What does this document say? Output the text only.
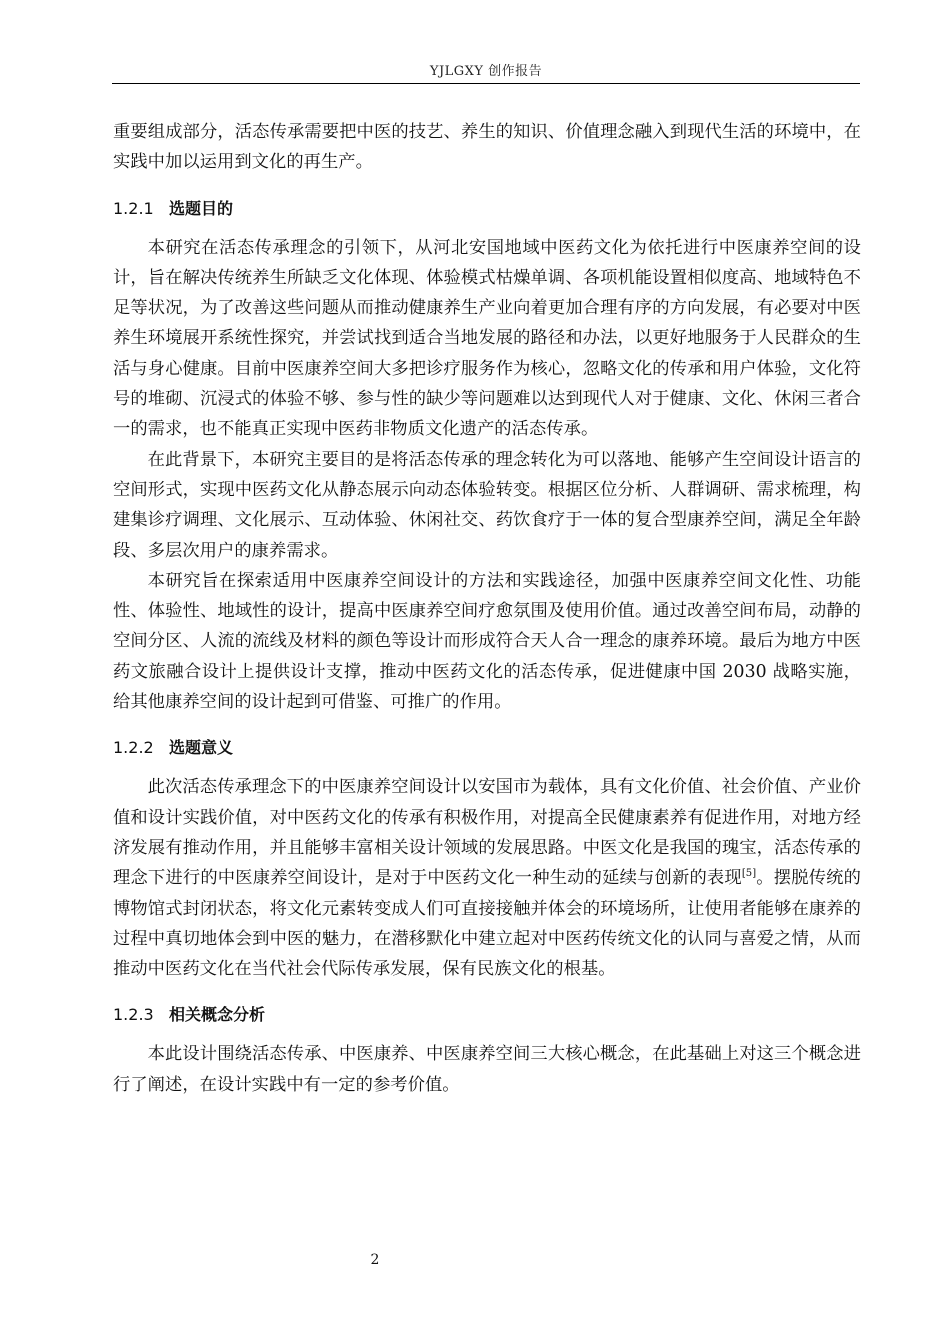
YJLGXY 创作报告

重要组成部分，活态传承需要把中医的技艺、养生的知识、价值理念融入到现代生活的环境中，在实践中加以运用到文化的再生产。

1.2.1 选题目的

本研究在活态传承理念的引领下，从河北安国地域中医药文化为依托进行中医康养空间的设计，旨在解决传统养生所缺乏文化体现、体验模式枯燥单调、各项机能设置相似度高、地域特色不足等状况，为了改善这些问题从而推动健康养生产业向着更加合理有序的方向发展，有必要对中医养生环境展开系统性探究，并尝试找到适合当地发展的路径和办法，以更好地服务于人民群众的生活与身心健康。目前中医康养空间大多把诊疗服务作为核心，忽略文化的传承和用户体验，文化符号的堆砌、沉浸式的体验不够、参与性的缺少等问题难以达到现代人对于健康、文化、休闲三者合一的需求，也不能真正实现中医药非物质文化遗产的活态传承。

在此背景下，本研究主要目的是将活态传承的理念转化为可以落地、能够产生空间设计语言的空间形式，实现中医药文化从静态展示向动态体验转变。根据区位分析、人群调研、需求梳理，构建集诊疗调理、文化展示、互动体验、休闲社交、药饮食疗于一体的复合型康养空间，满足全年龄段、多层次用户的康养需求。

本研究旨在探索适用中医康养空间设计的方法和实践途径，加强中医康养空间文化性、功能性、体验性、地域性的设计，提高中医康养空间疗愈氛围及使用价值。通过改善空间布局，动静的空间分区、人流的流线及材料的颜色等设计而形成符合天人合一理念的康养环境。最后为地方中医药文旅融合设计上提供设计支撑，推动中医药文化的活态传承，促进健康中国 2030 战略实施，给其他康养空间的设计起到可借鉴、可推广的作用。

1.2.2 选题意义

此次活态传承理念下的中医康养空间设计以安国市为载体，具有文化价值、社会价值、产业价值和设计实践价值，对中医药文化的传承有积极作用，对提高全民健康素养有促进作用，对地方经济发展有推动作用，并且能够丰富相关设计领域的发展思路。中医文化是我国的瑰宝，活态传承的理念下进行的中医康养空间设计，是对于中医药文化一种生动的延续与创新的表现[5]。摆脱传统的博物馆式封闭状态，将文化元素转变成人们可直接接触并体会的环境场所，让使用者能够在康养的过程中真切地体会到中医的魅力，在潜移默化中建立起对中医药传统文化的认同与喜爱之情，从而推动中医药文化在当代社会代际传承发展，保有民族文化的根基。

1.2.3 相关概念分析

本此设计围绕活态传承、中医康养、中医康养空间三大核心概念，在此基础上对这三个概念进行了阐述，在设计实践中有一定的参考价值。

2
